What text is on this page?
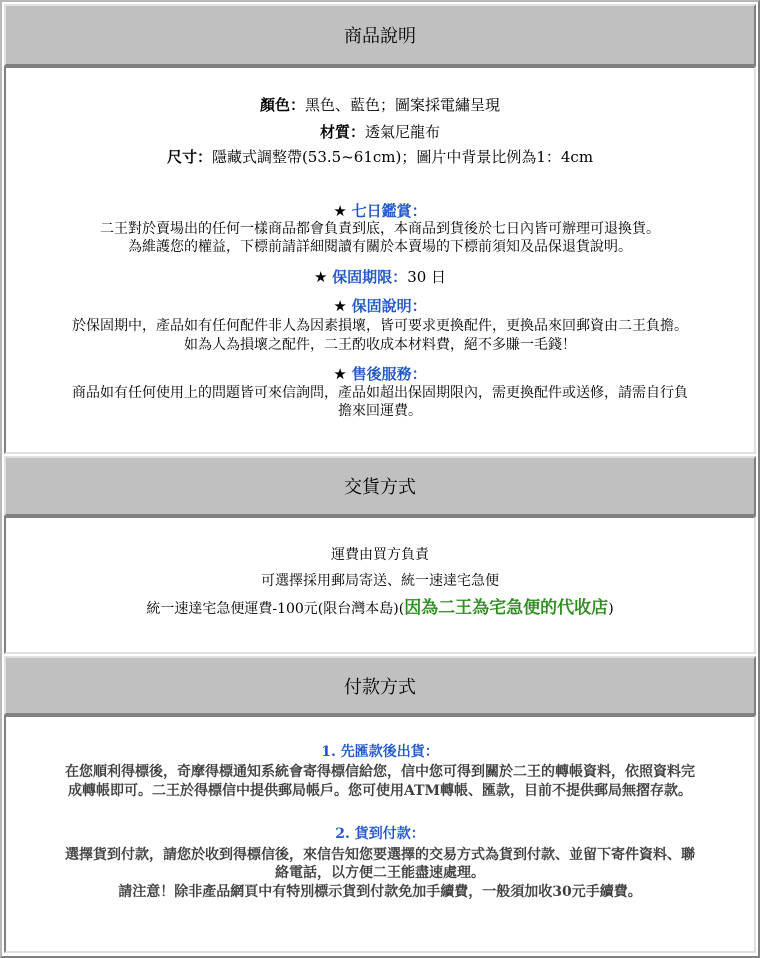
商品說明
顏色：黑色、藍色；圖案採電繡呈現
材質：透氣尼龍布
尺寸：隱藏式調整帶(53.5~61cm)；圖片中背景比例為1：4cm
★ 七日鑑賞：
二王對於賣場出的任何一樣商品都會負責到底，本商品到貨後於七日內皆可辦理可退換貨。
為維護您的權益，下標前請詳細閱讀有關於本賣場的下標前須知及品保退貨說明。
★ 保固期限：30 日
★ 保固說明：
於保固期中，產品如有任何配件非人為因素損壞，皆可要求更換配件，更換品來回郵資由二王負擔。
如為人為損壞之配件，二王酌收成本材料費，絕不多賺一毛錢！
★ 售後服務：
商品如有任何使用上的問題皆可來信詢問，產品如超出保固期限內，需更換配件或送修，請需自行負
擔來回運費。
交貨方式
運費由買方負責
可選擇採用郵局寄送、統一速達宅急便
統一速達宅急便運費-100元(限台灣本島)(因為二王為宅急便的代收店)
付款方式
1. 先匯款後出貨：
在您順利得標後，奇摩得標通知系統會寄得標信給您，信中您可得到關於二王的轉帳資料，依照資料完
成轉帳即可。二王於得標信中提供郵局帳戶。您可使用ATM轉帳、匯款，目前不提供郵局無摺存款。
2. 貨到付款：
選擇貨到付款，請您於收到得標信後，來信告知您要選擇的交易方式為貨到付款、並留下寄件資料、聯
絡電話，以方便二王能盡速處理。
請注意！除非產品網頁中有特別標示貨到付款免加手續費，一般須加收30元手續費。
